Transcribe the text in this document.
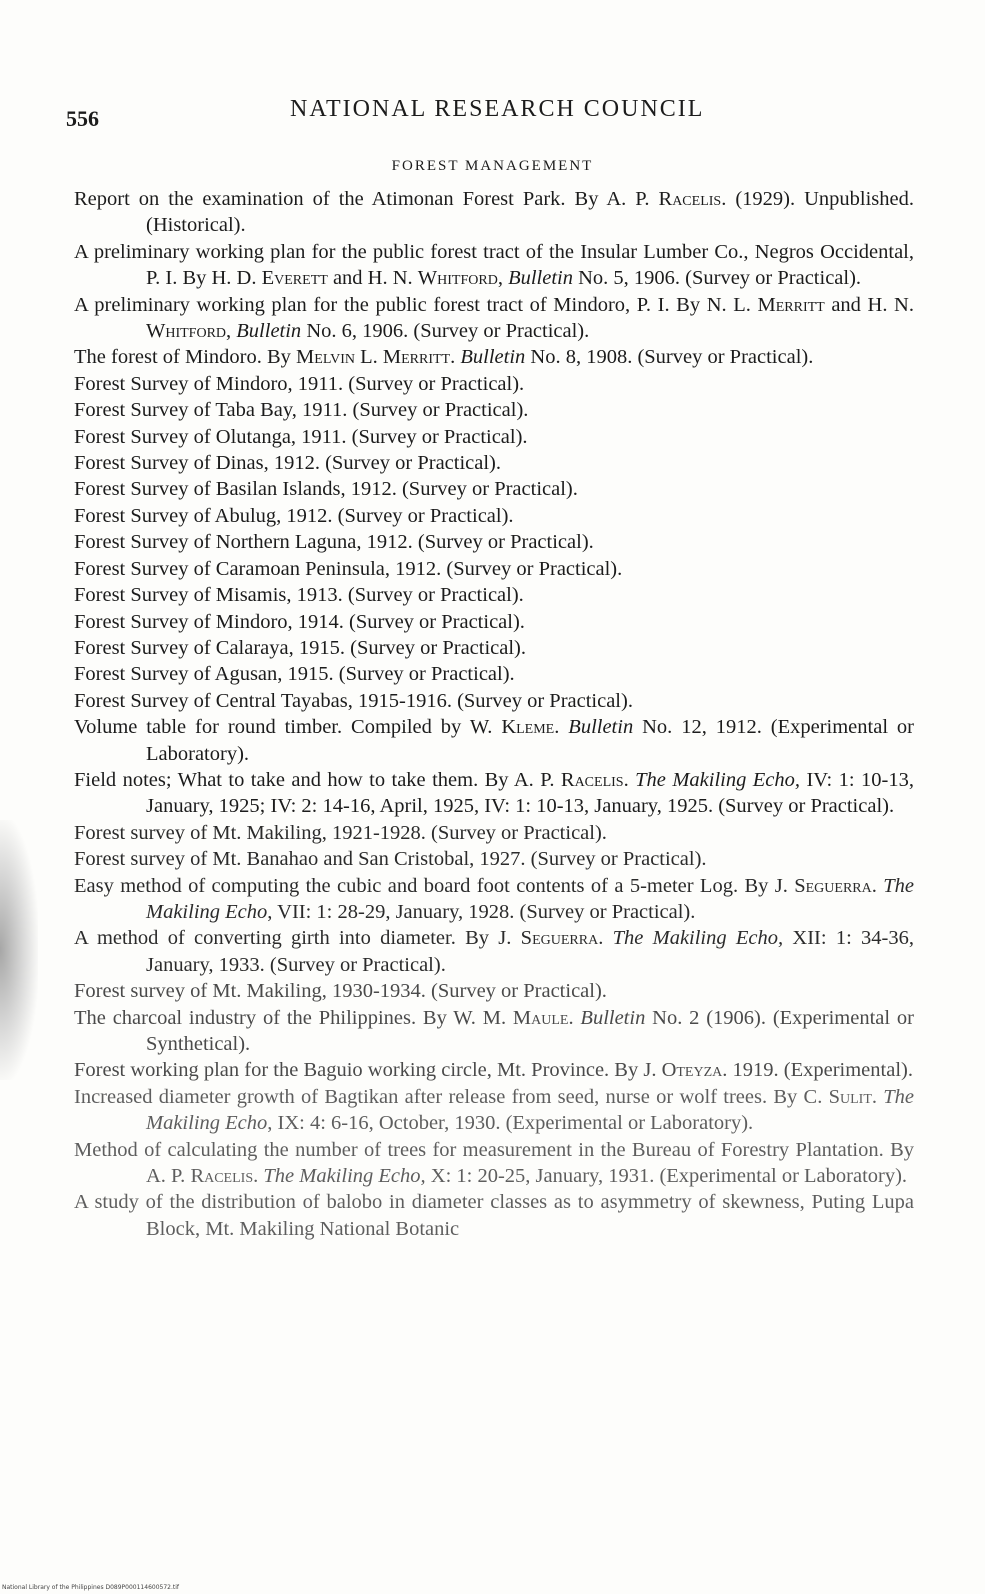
556	NATIONAL RESEARCH COUNCIL
FOREST MANAGEMENT

Report on the examination of the Atimonan Forest Park. By A. P. Racelis. (1929). Unpublished. (Historical).

A preliminary working plan for the public forest tract of the Insular Lumber Co., Negros Occidental, P. I. By H. D. Everett and H. N. Whitford, Bulletin No. 5, 1906. (Survey or Practical).

A preliminary working plan for the public forest tract of Mindoro, P. I. By N. L. Merritt and H. N. Whitford, Bulletin No. 6, 1906. (Survey or Practical).

The forest of Mindoro. By Melvin L. Merritt. Bulletin No. 8, 1908. (Survey or Practical).

Forest Survey of Mindoro, 1911. (Survey or Practical).

Forest Survey of Taba Bay, 1911. (Survey or Practical).

Forest Survey of Olutanga, 1911. (Survey or Practical).

Forest Survey of Dinas, 1912. (Survey or Practical).

Forest Survey of Basilan Islands, 1912. (Survey or Practical).

Forest Survey of Abulug, 1912. (Survey or Practical).

Forest Survey of Northern Laguna, 1912. (Survey or Practical).

Forest Survey of Caramoan Peninsula, 1912. (Survey or Practical).

Forest Survey of Misamis, 1913. (Survey or Practical).

Forest Survey of Mindoro, 1914. (Survey or Practical).

Forest Survey of Calaraya, 1915. (Survey or Practical).

Forest Survey of Agusan, 1915. (Survey or Practical).

Forest Survey of Central Tayabas, 1915-1916. (Survey or Practical).

Volume table for round timber. Compiled by W. Kleme. Bulletin No. 12, 1912. (Experimental or Laboratory).

Field notes; What to take and how to take them. By A. P. Racelis. The Makiling Echo, IV: 1: 10-13, January, 1925; IV: 2: 14-16, April, 1925, IV: 1: 10-13, January, 1925. (Survey or Practical).

Forest survey of Mt. Makiling, 1921-1928. (Survey or Practical).

Forest survey of Mt. Banahao and San Cristobal, 1927. (Survey or Practical).

Easy method of computing the cubic and board foot contents of a 5-meter Log. By J. Seguerra. The Makiling Echo, VII: 1: 28-29, January, 1928. (Survey or Practical).

A method of converting girth into diameter. By J. Seguerra. The Makiling Echo, XII: 1: 34-36, January, 1933. (Survey or Practical).

Forest survey of Mt. Makiling, 1930-1934. (Survey or Practical).

The charcoal industry of the Philippines. By W. M. Maule. Bulletin No. 2 (1906). (Experimental or Synthetical).

Forest working plan for the Baguio working circle, Mt. Province. By J. Oteyza. 1919. (Experimental).

Increased diameter growth of Bagtikan after release from seed, nurse or wolf trees. By C. Sulit. The Makiling Echo, IX: 4: 6-16, October, 1930. (Experimental or Laboratory).

Method of calculating the number of trees for measurement in the Bureau of Forestry Plantation. By A. P. Racelis. The Makiling Echo, X: 1: 20-25, January, 1931. (Experimental or Laboratory).

A study of the distribution of balobo in diameter classes as to asymmetry of skewness, Puting Lupa Block, Mt. Makiling National Botanic

National Library of the Philippines D089P000114600572.tif
